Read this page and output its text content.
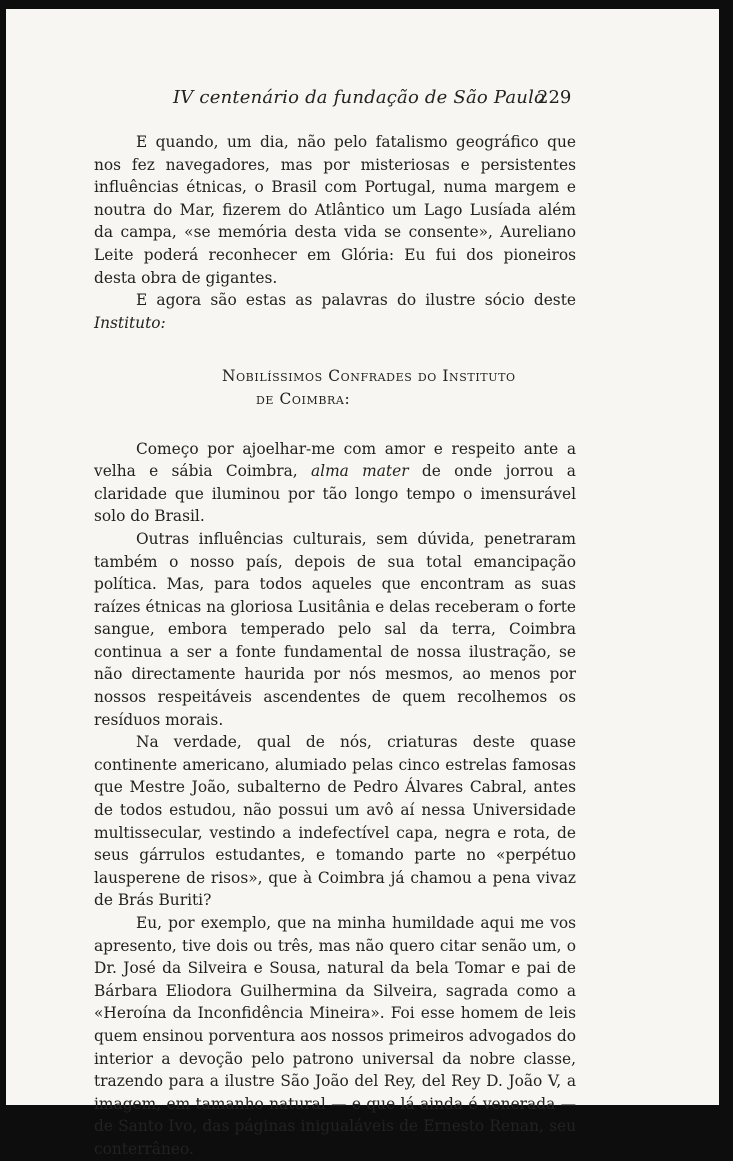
IV centenário da fundação de São Paulo
229

E quando, um dia, não pelo fatalismo geográfico que nos fez navegadores, mas por misteriosas e persistentes influências étnicas, o Brasil com Portugal, numa margem e noutra do Mar, fizerem do Atlântico um Lago Lusíada além da campa, «se memória desta vida se consente», Aureliano Leite poderá reconhecer em Glória: Eu fui dos pioneiros desta obra de gigantes.

E agora são estas as palavras do ilustre sócio deste Instituto:

Nobilíssimos Confrades do Instituto
de Coimbra:

Começo por ajoelhar-me com amor e respeito ante a velha e sábia Coimbra, alma mater de onde jorrou a claridade que iluminou por tão longo tempo o imensurável solo do Brasil.

Outras influências culturais, sem dúvida, penetraram também o nosso país, depois de sua total emancipação política. Mas, para todos aqueles que encontram as suas raízes étnicas na gloriosa Lusitânia e delas receberam o forte sangue, embora temperado pelo sal da terra, Coimbra continua a ser a fonte fundamental de nossa ilustração, se não directamente haurida por nós mesmos, ao menos por nossos respeitáveis ascendentes de quem recolhemos os resíduos morais.

Na verdade, qual de nós, criaturas deste quase continente americano, alumiado pelas cinco estrelas famosas que Mestre João, subalterno de Pedro Álvares Cabral, antes de todos estudou, não possui um avô aí nessa Universidade multissecular, vestindo a indefectível capa, negra e rota, de seus gárrulos estudantes, e tomando parte no «perpétuo lausperene de risos», que à Coimbra já chamou a pena vivaz de Brás Buriti?

Eu, por exemplo, que na minha humildade aqui me vos apresento, tive dois ou três, mas não quero citar senão um, o Dr. José da Silveira e Sousa, natural da bela Tomar e pai de Bárbara Eliodora Guilhermina da Silveira, sagrada como a «Heroína da Inconfidência Mineira». Foi esse homem de leis quem ensinou porventura aos nossos primeiros advogados do interior a devoção pelo patrono universal da nobre classe, trazendo para a ilustre São João del Rey, del Rey D. João V, a imagem, em tamanho natural — e que lá ainda é venerada — de Santo Ivo, das páginas inigualáveis de Ernesto Renan, seu conterrâneo.
